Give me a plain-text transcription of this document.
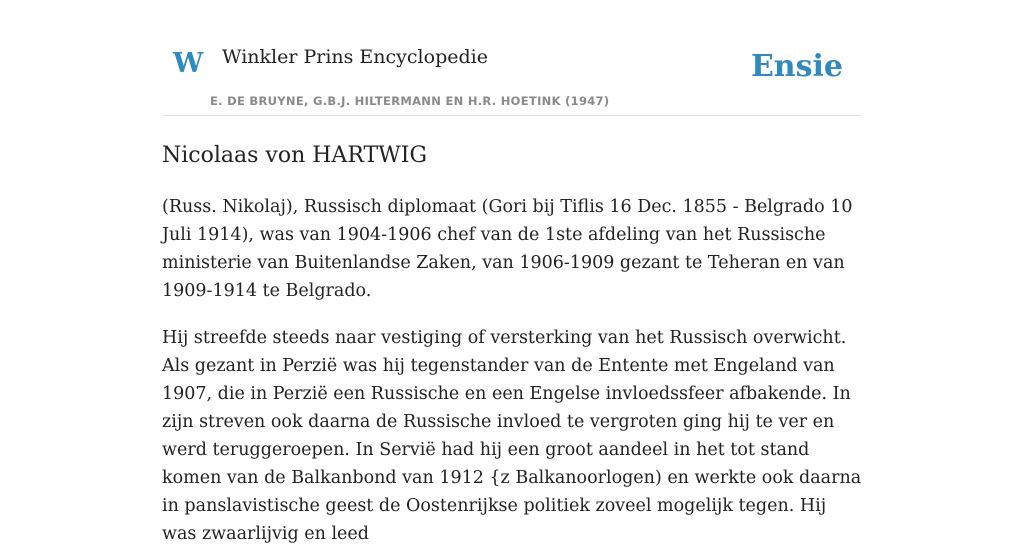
W Winkler Prins Encyclopedie
E. DE BRUYNE, G.B.J. HILTERMANN EN H.R. HOETINK (1947)
Ensie
Nicolaas von HARTWIG

(Russ. Nikolaj), Russisch diplomaat (Gori bij Tiflis 16 Dec. 1855 - Belgrado 10 Juli 1914), was van 1904-1906 chef van de 1ste afdeling van het Russische ministerie van Buitenlandse Zaken, van 1906-1909 gezant te Teheran en van 1909-1914 te Belgrado.

Hij streefde steeds naar vestiging of versterking van het Russisch overwicht. Als gezant in Perzië was hij tegenstander van de Entente met Engeland van 1907, die in Perzië een Russische en een Engelse invloedssfeer afbakende. In zijn streven ook daarna de Russische invloed te vergroten ging hij te ver en werd teruggeroepen. In Servië had hij een groot aandeel in het tot stand komen van de Balkanbond van 1912 {z Balkanoorlogen) en werkte ook daarna in panslavistische geest de Oostenrijkse politiek zoveel mogelijk tegen. Hij was zwaarlijvig en leed
